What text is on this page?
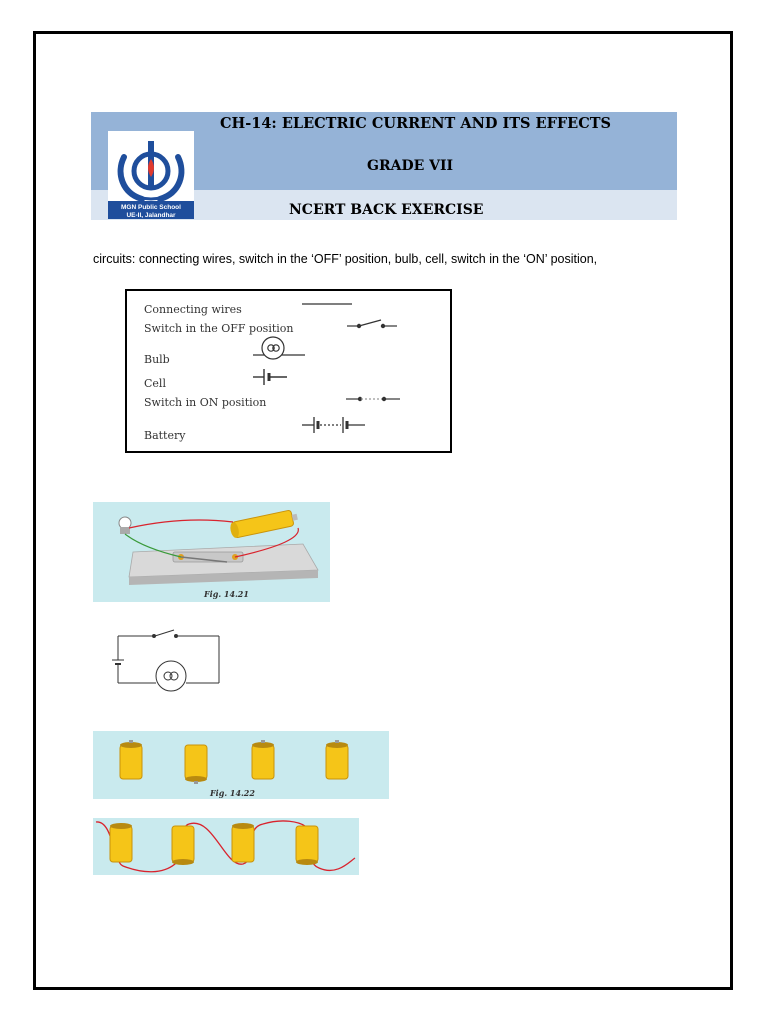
MGN Public School
UE-II, Jalandhar
CH-14: ELECTRIC CURRENT AND ITS EFFECTS
GRADE VII
NCERT BACK EXERCISE
circuits: connecting wires, switch in the ‘OFF’ position, bulb, cell, switch in the ‘ON’ position,
Connecting wires
Switch in the OFF position
Bulb
Cell
Switch in ON position
Battery
Fig. 14.21
Fig. 14.22
